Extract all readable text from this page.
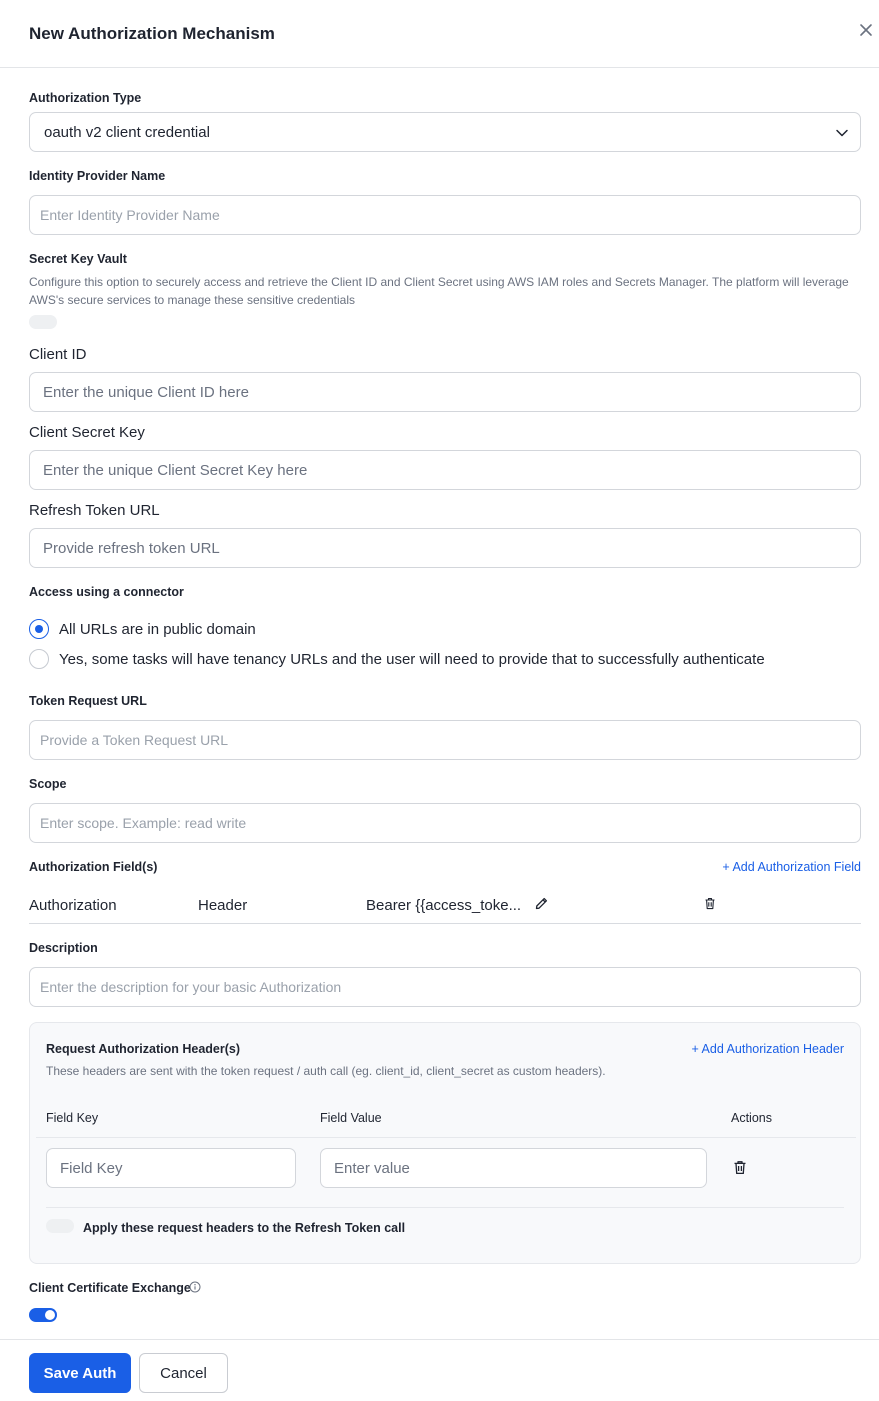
New Authorization Mechanism
Authorization Type
oauth v2 client credential
Identity Provider Name
Enter Identity Provider Name
Secret Key Vault
Configure this option to securely access and retrieve the Client ID and Client Secret using AWS IAM roles and Secrets Manager. The platform will leverage AWS's secure services to manage these sensitive credentials
Client ID
Enter the unique Client ID here
Client Secret Key
Enter the unique Client Secret Key here
Refresh Token URL
Provide refresh token URL
Access using a connector
All URLs are in public domain
Yes, some tasks will have tenancy URLs and the user will need to provide that to successfully authenticate
Token Request URL
Provide a Token Request URL
Scope
Enter scope. Example: read write
Authorization Field(s)	+ Add Authorization Field
Authorization	Header	Bearer {{access_toke...
Description
Enter the description for your basic Authorization
Request Authorization Header(s)	+ Add Authorization Header
These headers are sent with the token request / auth call (eg. client_id, client_secret as custom headers).
Field Key	Field Value	Actions
Field Key
Enter value
Apply these request headers to the Refresh Token call
Client Certificate Exchange
Save Auth	Cancel
